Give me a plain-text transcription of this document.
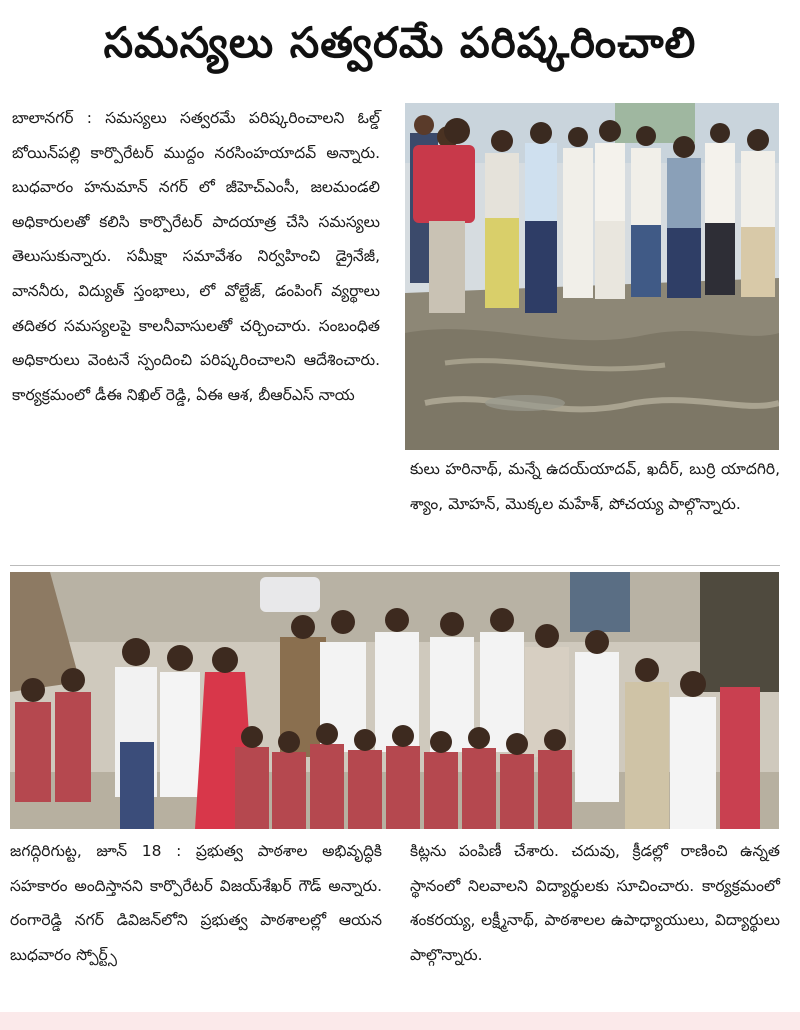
సమస్యలు సత్వరమే పరిష్కరించాలి

బాలానగర్ : సమస్యలు సత్వరమే పరిష్కరించాలని ఓల్డ్ బోయిన్‌పల్లి కార్పొరేటర్ ముద్దం నరసింహయాదవ్ అన్నారు. బుధవారం హనుమాన్ నగర్ లో జీహెచ్‌ఎంసీ, జలమండలి అధికారులతో కలిసి కార్పొరేటర్ పాదయాత్ర చేసి సమస్యలు తెలుసుకున్నారు. సమీక్షా సమావేశం నిర్వహించి డ్రైనేజీ, వాననీరు, విద్యుత్ స్తంభాలు, లో వోల్టేజ్, డంపింగ్ వ్యర్థాలు తదితర సమస్యలపై కాలనీవాసులతో చర్చించారు. సంబంధిత అధికారులు వెంటనే స్పందించి పరిష్కరించాలని ఆదేశించారు. కార్యక్రమంలో డీఈ నిఖిల్ రెడ్డి, ఏఈ ఆశ, బీఆర్ఎస్ నాయ

కులు హరినాథ్, మన్నే ఉదయ్‌యాదవ్, ఖదీర్, బుర్రి యాదగిరి, శ్యాం, మోహన్, మొక్కల మహేశ్, పోచయ్య పాల్గొన్నారు.

జగద్గిరిగుట్ట, జూన్ 18 : ప్రభుత్వ పాఠశాల అభివృద్ధికి సహకారం అందిస్తానని కార్పొరేటర్ విజయ్‌శేఖర్ గౌడ్ అన్నారు. రంగారెడ్డి నగర్ డివిజన్‌లోని ప్రభుత్వ పాఠశాలల్లో ఆయన బుధవారం స్పోర్ట్స్

కిట్లను పంపిణీ చేశారు. చదువు, క్రీడల్లో రాణించి ఉన్నత స్థానంలో నిలవాలని విద్యార్థులకు సూచించారు. కార్యక్రమంలో శంకరయ్య, లక్ష్మీనాథ్, పాఠశాలల ఉపాధ్యాయులు, విద్యార్థులు పాల్గొన్నారు.
